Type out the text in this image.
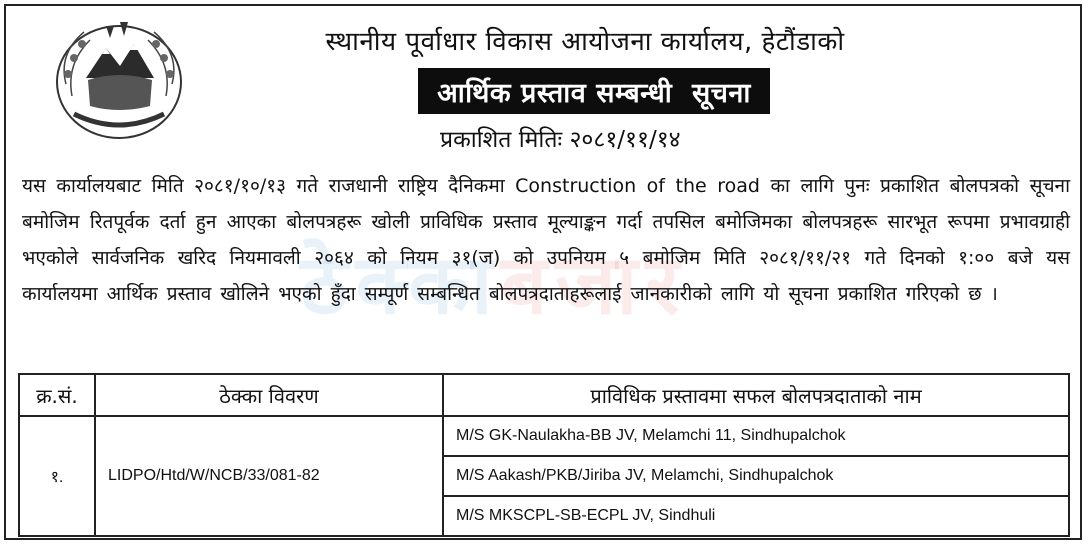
स्थानीय पूर्वाधार विकास आयोजना कार्यालय, हेटौंडाको
आर्थिक प्रस्ताव सम्बन्धी  सूचना
प्रकाशित मितिः २०८१/११/१४
ठेक्काबजार
यस कार्यालयबाट मिति २०८१/१०/१३ गते राजधानी राष्ट्रिय दैनिकमा Construction of the road का लागि पुनः प्रकाशित बोलपत्रको सूचना बमोजिम रितपूर्वक दर्ता हुन आएका बोलपत्रहरू खोली प्राविधिक प्रस्ताव मूल्याङ्कन गर्दा तपसिल बमोजिमका बोलपत्रहरू सारभूत रूपमा प्रभावग्राही भएकोले सार्वजनिक खरिद नियमावली २०६४ को नियम ३१(ज) को उपनियम ५ बमोजिम मिति २०८१/११/२१ गते दिनको १:०० बजे यस कार्यालयमा आर्थिक प्रस्ताव खोलिने भएको हुँदा सम्पूर्ण सम्बन्धित बोलपत्रदाताहरूलाई जानकारीको लागि यो सूचना प्रकाशित गरिएको छ ।
क्र.सं.	ठेक्का विवरण	प्राविधिक प्रस्तावमा सफल बोलपत्रदाताको नाम
१.	LIDPO/Htd/W/NCB/33/081-82	M/S GK-Naulakha-BB JV, Melamchi 11, Sindhupalchok
		M/S Aakash/PKB/Jiriba JV, Melamchi, Sindhupalchok
		M/S MKSCPL-SB-ECPL JV, Sindhuli
